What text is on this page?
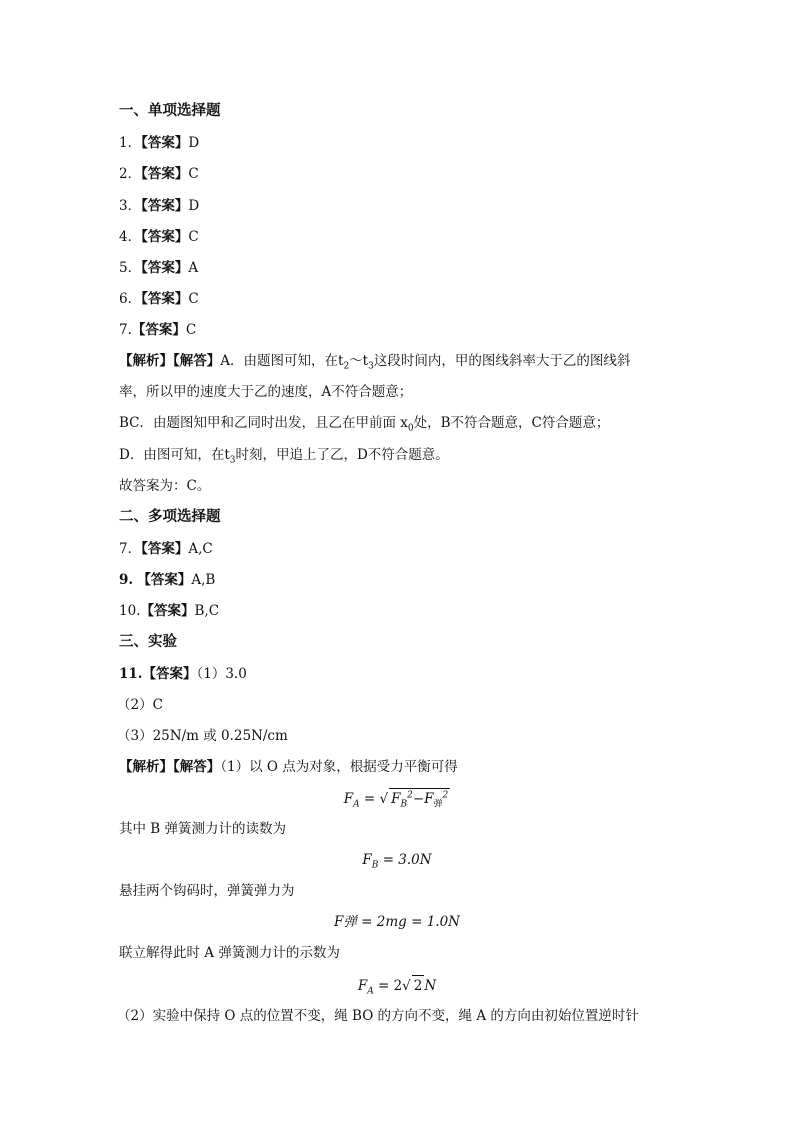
一、单项选择题
1．【答案】D
2．【答案】C
3．【答案】D
4．【答案】C
5．【答案】A
6．【答案】C
7.【答案】C
【解析】【解答】A．由题图可知，在$t_2\sim t_3$这段时间内，甲的图线斜率大于乙的图线斜
率，所以甲的速度大于乙的速度，A不符合题意；
BC．由题图知甲和乙同时出发，且乙在甲前面 $x_0$处，B不符合题意，C符合题意；
D．由图可知，在$t_3$时刻，甲追上了乙，D不符合题意。
故答案为：C。
二、多项选择题
7．【答案】A,C
9. 【答案】A,B
10.【答案】B,C
三、实验
11.【答案】（1）3.0
（2）C
（3）25N/m 或 0.25N/cm
【解析】【解答】（1）以 O 点为对象，根据受力平衡可得
$F_A$ = √ $F_B^2-F_弹^2$
其中 B 弹簧测力计的读数为
$F_B = 3.0N$
悬挂两个钩码时，弹簧弹力为
F弹 = 2mg = 1.0N
联立解得此时 A 弹簧测力计的示数为
$F_A = 2√$ 2 N
（2）实验中保持 O 点的位置不变，绳 BO 的方向不变，绳 A 的方向由初始位置逆时针
